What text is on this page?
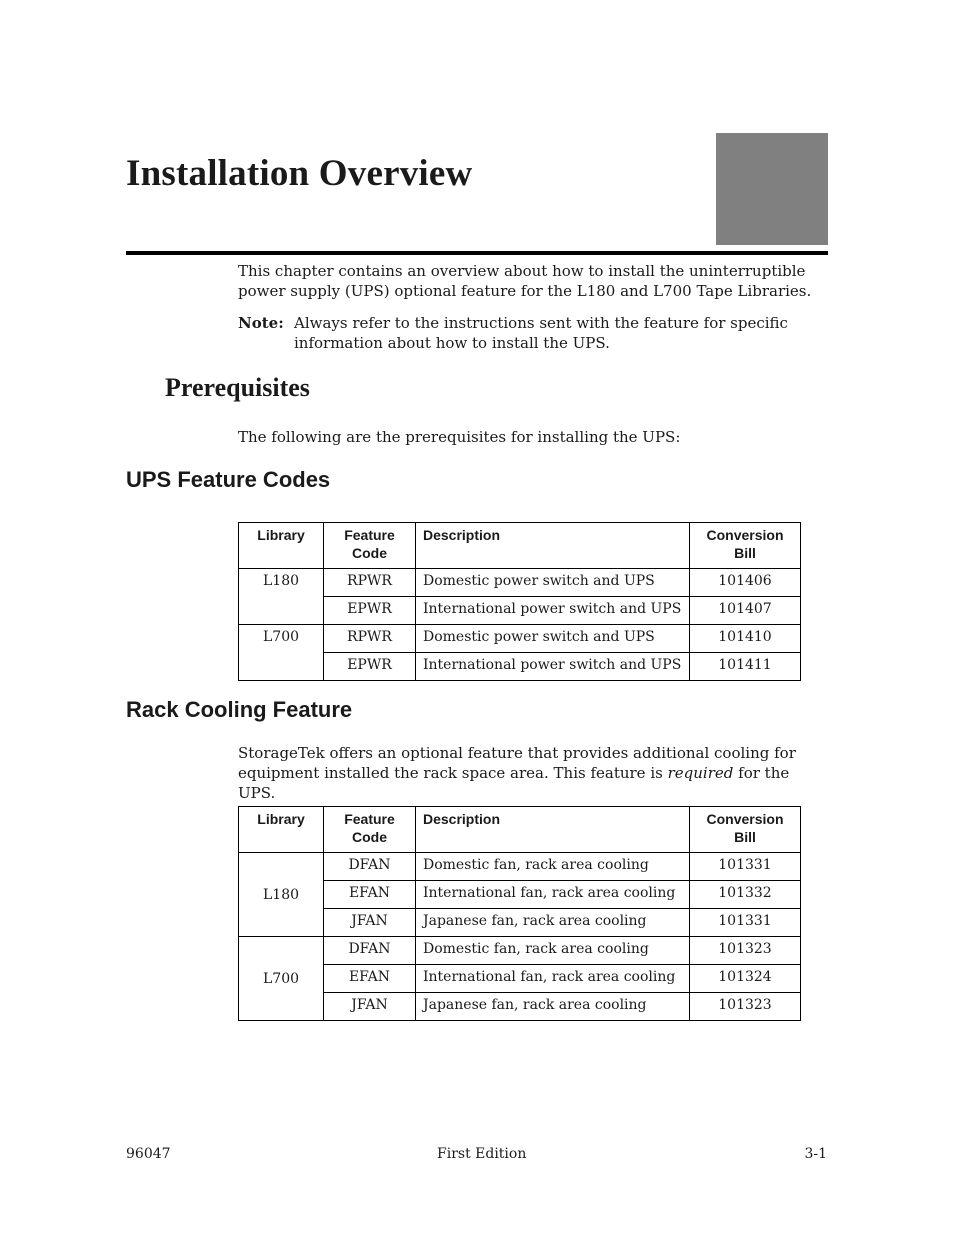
Installation Overview

This chapter contains an overview about how to install the uninterruptible power supply (UPS) optional feature for the L180 and L700 Tape Libraries.

Note: Always refer to the instructions sent with the feature for specific information about how to install the UPS.

Prerequisites

The following are the prerequisites for installing the UPS:

UPS Feature Codes
Library	Feature Code	Description	Conversion Bill
L180	RPWR	Domestic power switch and UPS	101406
	EPWR	International power switch and UPS	101407
L700	RPWR	Domestic power switch and UPS	101410
	EPWR	International power switch and UPS	101411
Rack Cooling Feature

StorageTek offers an optional feature that provides additional cooling for equipment installed the rack space area. This feature is required for the UPS.

Library	Feature Code	Description	Conversion Bill
L180	DFAN	Domestic fan, rack area cooling	101331
	EFAN	International fan, rack area cooling	101332
	JFAN	Japanese fan, rack area cooling	101331
L700	DFAN	Domestic fan, rack area cooling	101323
	EFAN	International fan, rack area cooling	101324
	JFAN	Japanese fan, rack area cooling	101323
96047	First Edition	3-1
